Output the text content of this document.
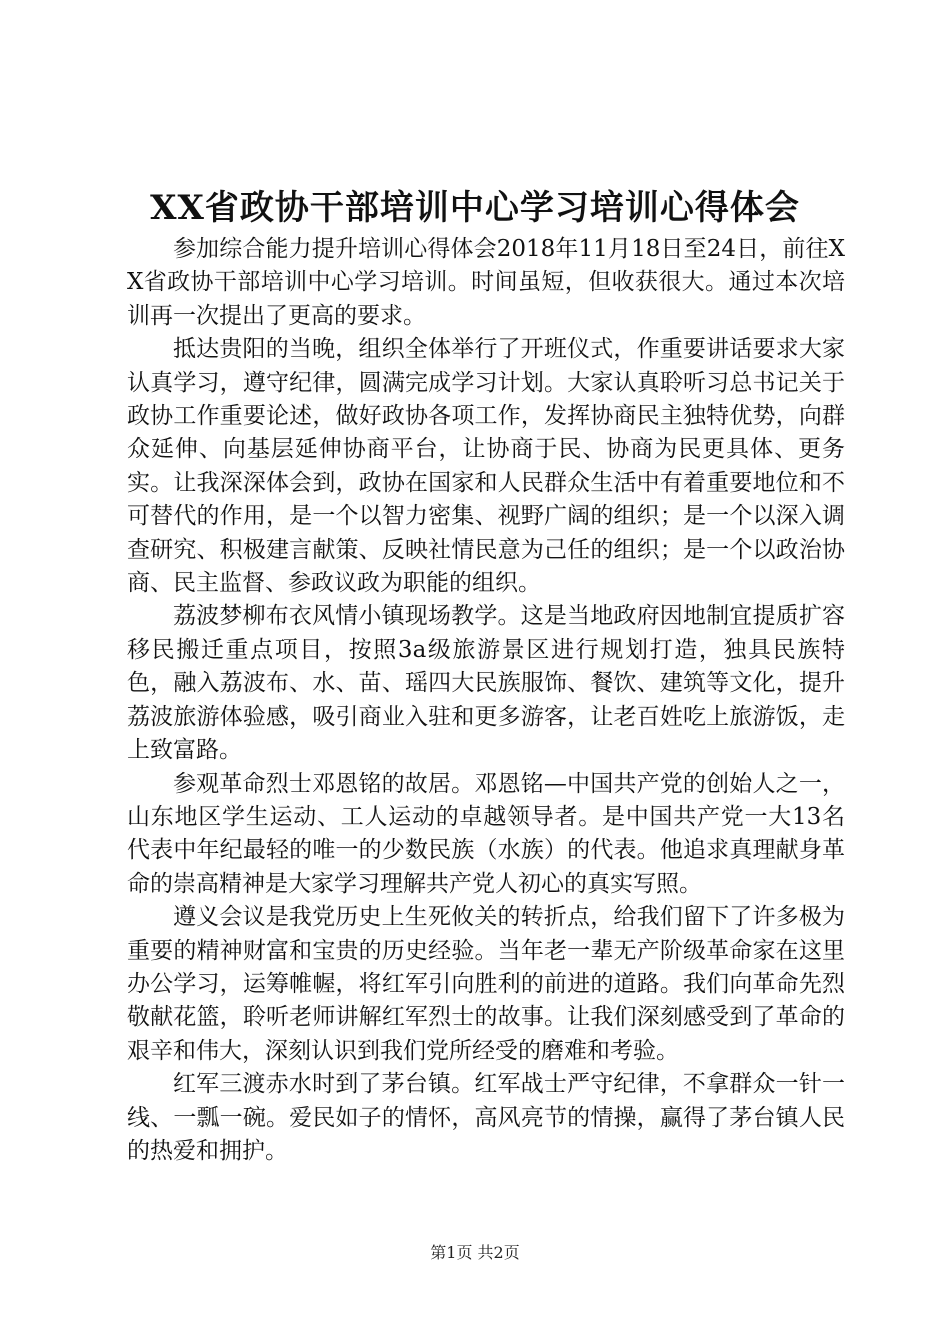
XX省政协干部培训中心学习培训心得体会

参加综合能力提升培训心得体会2018年11月18日至24日，前往XX省政协干部培训中心学习培训。时间虽短，但收获很大。通过本次培训再一次提出了更高的要求。

抵达贵阳的当晚，组织全体举行了开班仪式，作重要讲话要求大家认真学习，遵守纪律，圆满完成学习计划。大家认真聆听习总书记关于政协工作重要论述，做好政协各项工作，发挥协商民主独特优势，向群众延伸、向基层延伸协商平台，让协商于民、协商为民更具体、更务实。让我深深体会到，政协在国家和人民群众生活中有着重要地位和不可替代的作用，是一个以智力密集、视野广阔的组织；是一个以深入调查研究、积极建言献策、反映社情民意为己任的组织；是一个以政治协商、民主监督、参政议政为职能的组织。

荔波梦柳布衣风情小镇现场教学。这是当地政府因地制宜提质扩容移民搬迁重点项目，按照3a级旅游景区进行规划打造，独具民族特色，融入荔波布、水、苗、瑶四大民族服饰、餐饮、建筑等文化，提升荔波旅游体验感，吸引商业入驻和更多游客，让老百姓吃上旅游饭，走上致富路。

参观革命烈士邓恩铭的故居。邓恩铭—中国共产党的创始人之一，山东地区学生运动、工人运动的卓越领导者。是中国共产党一大13名代表中年纪最轻的唯一的少数民族（水族）的代表。他追求真理献身革命的崇高精神是大家学习理解共产党人初心的真实写照。

遵义会议是我党历史上生死攸关的转折点，给我们留下了许多极为重要的精神财富和宝贵的历史经验。当年老一辈无产阶级革命家在这里办公学习，运筹帷幄，将红军引向胜利的前进的道路。我们向革命先烈敬献花篮，聆听老师讲解红军烈士的故事。让我们深刻感受到了革命的艰辛和伟大，深刻认识到我们党所经受的磨难和考验。

红军三渡赤水时到了茅台镇。红军战士严守纪律，不拿群众一针一线、一瓢一碗。爱民如子的情怀，高风亮节的情操，赢得了茅台镇人民的热爱和拥护。

第1页 共2页
